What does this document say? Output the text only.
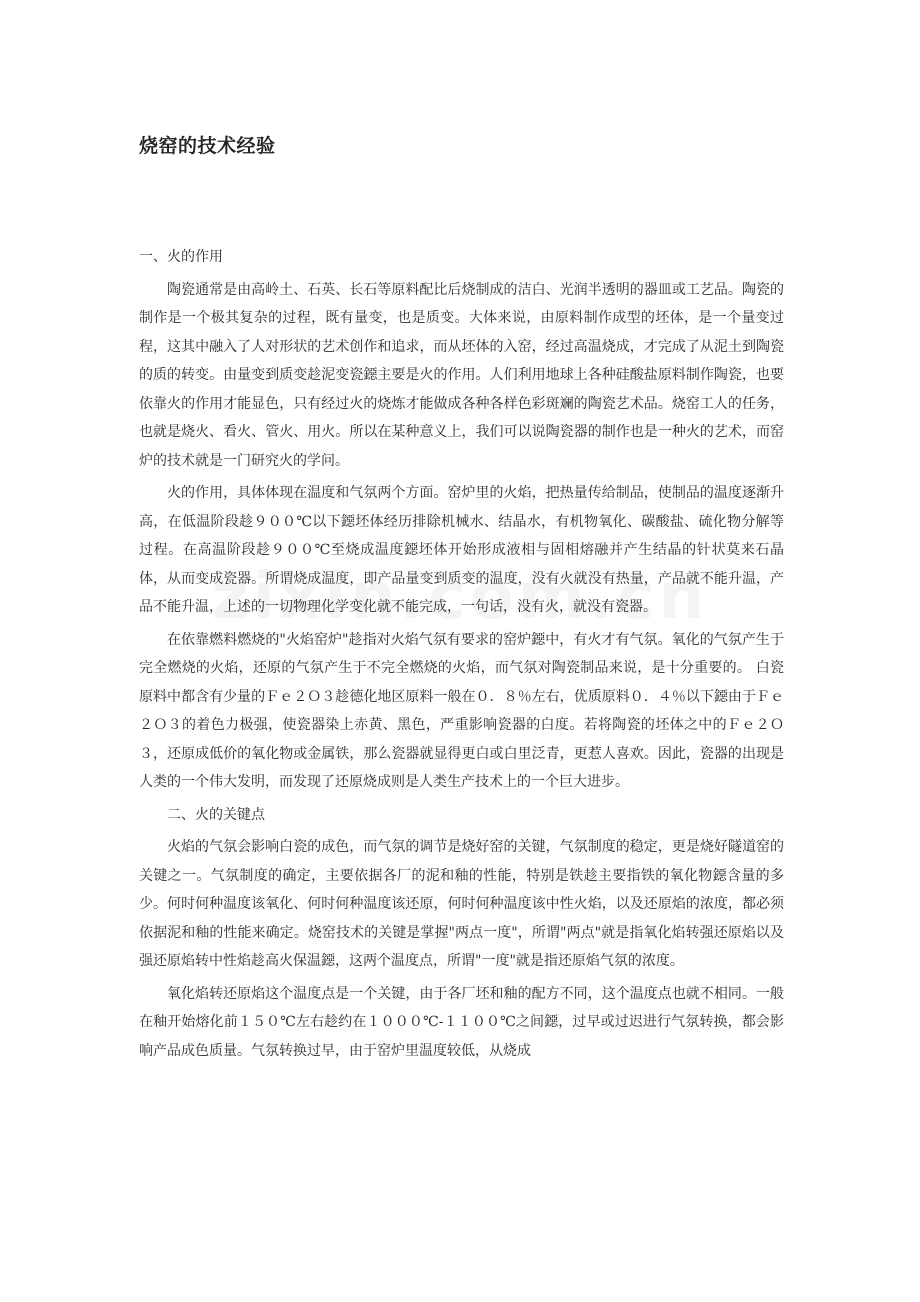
烧窑的技术经验

一、火的作用

陶瓷通常是由高岭土、石英、长石等原料配比后烧制成的洁白、光润半透明的器皿或工艺品。陶瓷的制作是一个极其复杂的过程，既有量变，也是质变。大体来说，由原料制作成型的坯体，是一个量变过程，这其中融入了人对形状的艺术创作和追求，而从坯体的入窑，经过高温烧成，才完成了从泥土到陶瓷的质的转变。由量变到质变趁泥变瓷鐚主要是火的作用。人们利用地球上各种硅酸盐原料制作陶瓷，也要依靠火的作用才能显色，只有经过火的烧炼才能做成各种各样色彩斑斓的陶瓷艺术品。烧窑工人的任务，也就是烧火、看火、管火、用火。所以在某种意义上，我们可以说陶瓷器的制作也是一种火的艺术，而窑炉的技术就是一门研究火的学问。

火的作用，具体体现在温度和气氛两个方面。窑炉里的火焰，把热量传给制品，使制品的温度逐渐升高，在低温阶段趁９００℃以下鐚坯体经历排除机械水、结晶水，有机物氧化、碳酸盐、硫化物分解等过程。在高温阶段趁９００℃至烧成温度鐚坯体开始形成液相与固相熔融并产生结晶的针状莫来石晶体，从而变成瓷器。所谓烧成温度，即产品量变到质变的温度，没有火就没有热量，产品就不能升温，产品不能升温，上述的一切物理化学变化就不能完成，一句话，没有火，就没有瓷器。

在依靠燃料燃烧的"火焰窑炉"趁指对火焰气氛有要求的窑炉鐚中，有火才有气氛。氧化的气氛产生于完全燃烧的火焰，还原的气氛产生于不完全燃烧的火焰，而气氛对陶瓷制品来说，是十分重要的。 白瓷原料中都含有少量的Ｆｅ２Ｏ３趁德化地区原料一般在０．８％左右，优质原料０．４％以下鐚由于Ｆｅ２Ｏ３的着色力极强，使瓷器染上赤黄、黑色，严重影响瓷器的白度。若将陶瓷的坯体之中的Ｆｅ２Ｏ３，还原成低价的氧化物或金属铁，那么瓷器就显得更白或白里泛青，更惹人喜欢。因此，瓷器的出现是人类的一个伟大发明，而发现了还原烧成则是人类生产技术上的一个巨大进步。

二、火的关键点

火焰的气氛会影响白瓷的成色，而气氛的调节是烧好窑的关键，气氛制度的稳定，更是烧好隧道窑的关键之一。气氛制度的确定，主要依据各厂的泥和釉的性能，特别是铁趁主要指铁的氧化物鐚含量的多少。何时何种温度该氧化、何时何种温度该还原，何时何种温度该中性火焰，以及还原焰的浓度，都必须依据泥和釉的性能来确定。烧窑技术的关键是掌握"两点一度"，所谓"两点"就是指氧化焰转强还原焰以及强还原焰转中性焰趁高火保温鐚，这两个温度点，所谓"一度"就是指还原焰气氛的浓度。

氧化焰转还原焰这个温度点是一个关键，由于各厂坯和釉的配方不同，这个温度点也就不相同。一般在釉开始熔化前１５０℃左右趁约在１０００℃-１１００℃之间鐚，过早或过迟进行气氛转换，都会影响产品成色质量。气氛转换过早，由于窑炉里温度较低，从烧成
